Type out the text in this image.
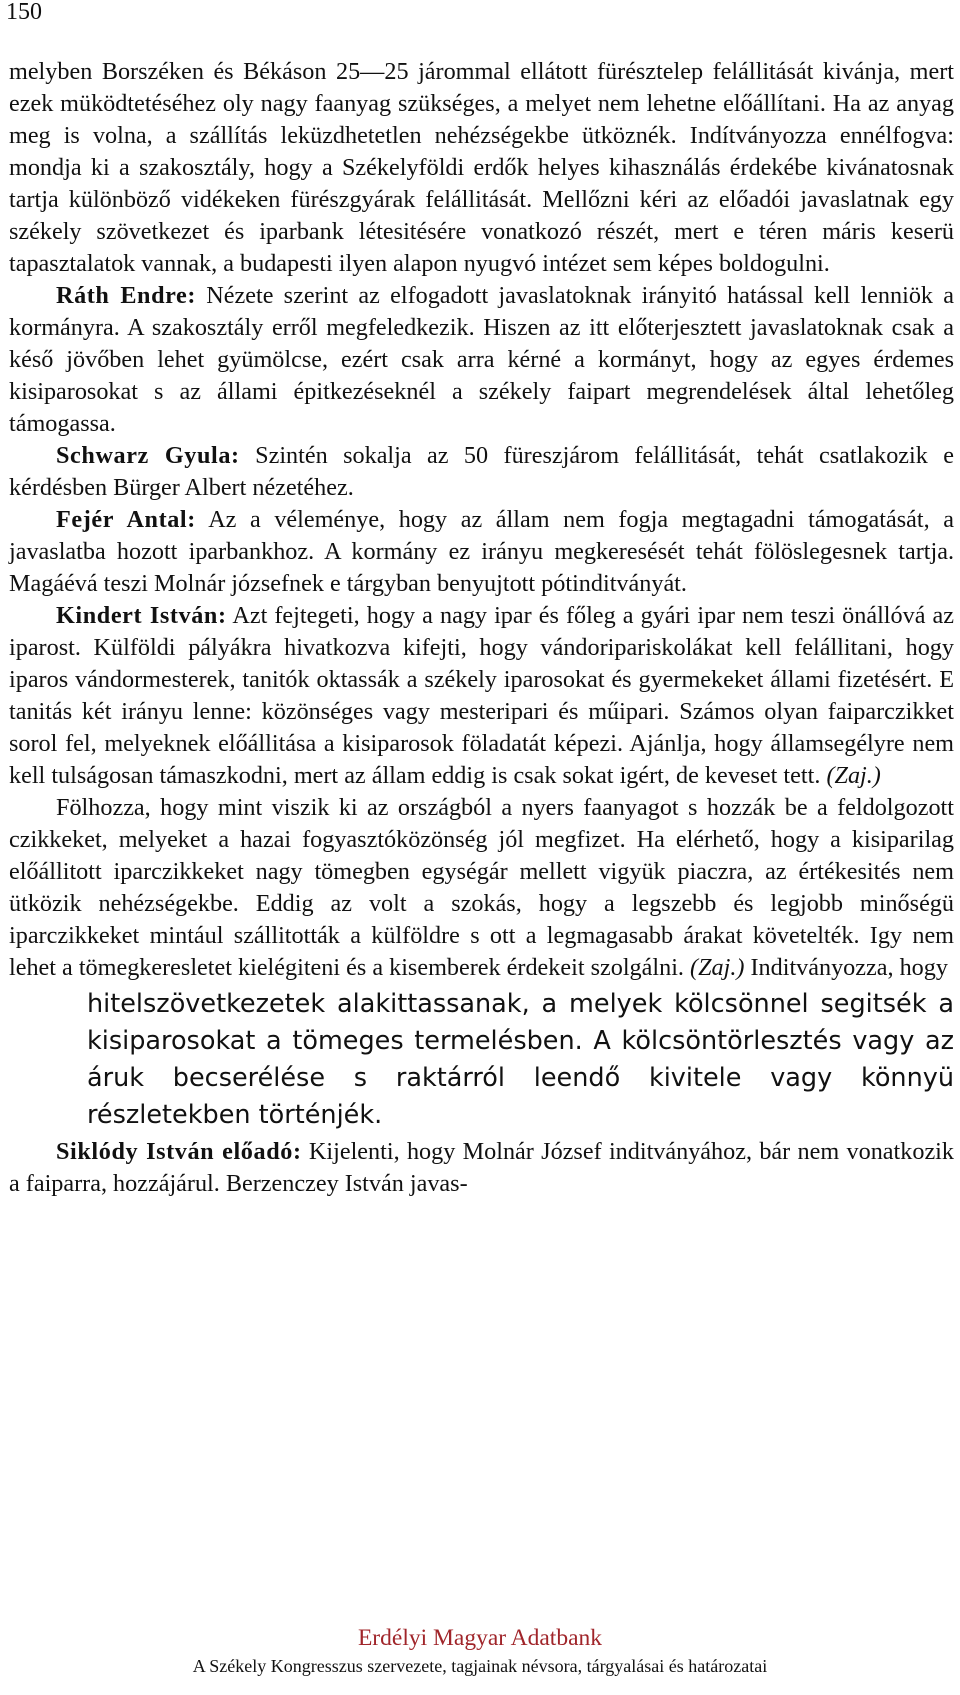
150

melyben Borszéken és Békáson 25—25 járommal ellátott fürésztelep felállitását kivánja, mert ezek müködtetéséhez oly nagy faanyag szükséges, a melyet nem lehetne előállítani. Ha az anyag meg is volna, a szállítás leküzdhetetlen nehézségekbe ütköznék. Indítványozza ennélfogva: mondja ki a szakosztály, hogy a Székelyföldi erdők helyes kihasználás érdekébe kivánatosnak tartja különböző vidékeken fürészgyárak felállitását. Mellőzni kéri az előadói javaslatnak egy székely szövetkezet és iparbank létesitésére vonatkozó részét, mert e téren máris keserü tapasztalatok vannak, a budapesti ilyen alapon nyugvó intézet sem képes boldogulni.

Ráth Endre: Nézete szerint az elfogadott javaslatoknak irányitó hatással kell lenniök a kormányra. A szakosztály erről megfeledkezik. Hiszen az itt előterjesztett javaslatoknak csak a késő jövőben lehet gyümölcse, ezért csak arra kérné a kormányt, hogy az egyes érdemes kisiparosokat s az állami épitkezéseknél a székely faipart megrendelések által lehetőleg támogassa.

Schwarz Gyula: Szintén sokalja az 50 füreszjárom felállitását, tehát csatlakozik e kérdésben Bürger Albert nézetéhez.

Fejér Antal: Az a véleménye, hogy az állam nem fogja megtagadni támogatását, a javaslatba hozott iparbankhoz. A kormány ez irányu megkeresését tehát fölöslegesnek tartja. Magáévá teszi Molnár józsefnek e tárgyban benyujtott pótinditványát.

Kindert István: Azt fejtegeti, hogy a nagy ipar és főleg a gyári ipar nem teszi önállóvá az iparost. Külföldi pályákra hivatkozva kifejti, hogy vándoripariskolákat kell felállitani, hogy iparos vándormesterek, tanitók oktassák a székely iparosokat és gyermekeket állami fizetésért. E tanitás két irányu lenne: közönséges vagy mesteripari és műipari. Számos olyan faiparczikket sorol fel, melyeknek előállitása a kisiparosok föladatát képezi. Ajánlja, hogy államsegélyre nem kell tulságosan támaszkodni, mert az állam eddig is csak sokat igért, de keveset tett. (Zaj.)

Fölhozza, hogy mint viszik ki az országból a nyers faanyagot s hozzák be a feldolgozott czikkeket, melyeket a hazai fogyasztóközönség jól megfizet. Ha elérhető, hogy a kisiparilag előállitott iparczikkeket nagy tömegben egységár mellett vigyük piaczra, az értékesités nem ütközik nehézségekbe. Eddig az volt a szokás, hogy a legszebb és legjobb minőségü iparczikkeket mintául szállitották a külföldre s ott a legmagasabb árakat követelték. Igy nem lehet a tömegkeresletet kielégiteni és a kisemberek érdekeit szolgálni. (Zaj.) Inditványozza, hogy

hitelszövetkezetek alakittassanak, a melyek kölcsönnel segitsék a kisiparosokat a tömeges termelésben. A kölcsöntörlesztés vagy az áruk becserélése s raktárról leendő kivitele vagy könnyü részletekben történjék.

Siklódy István előadó: Kijelenti, hogy Molnár József inditványához, bár nem vonatkozik a faiparra, hozzájárul. Berzenczey István javas-

Erdélyi Magyar Adatbank
A Székely Kongresszus szervezete, tagjainak névsora, tárgyalásai és határozatai
